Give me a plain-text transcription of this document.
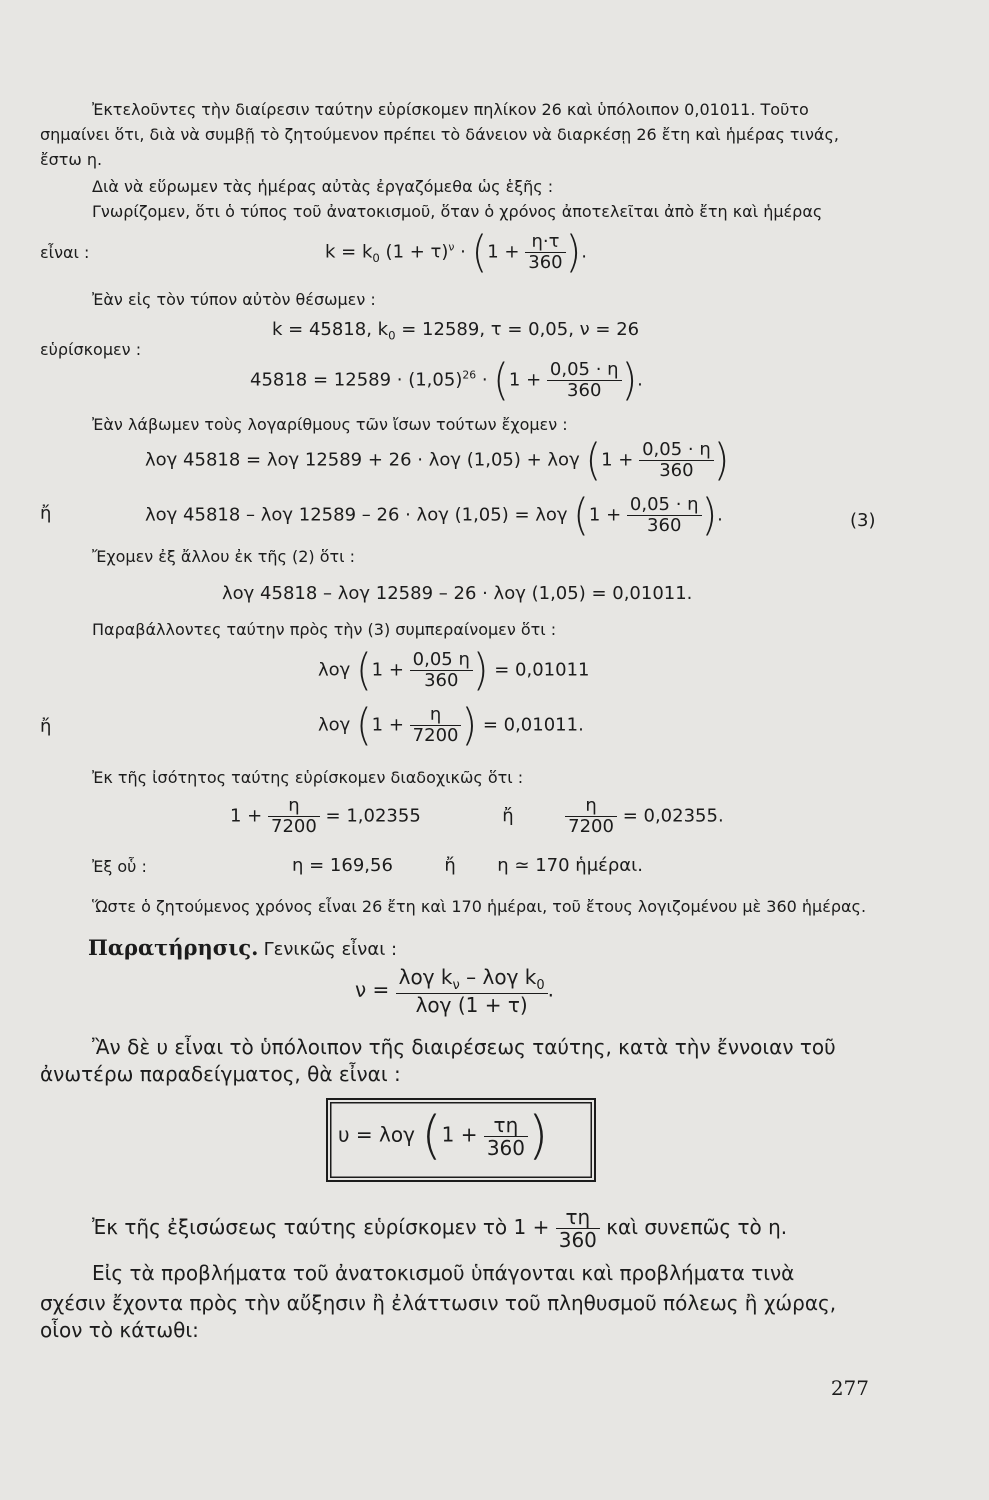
Ἐκτελοῦντες τὴν διαίρεσιν ταύτην εὑρίσκομεν πηλίκον 26 καὶ ὑπόλοιπον 0,01011. Τοῦτο
σημαίνει ὅτι, διὰ νὰ συμβῇ τὸ ζητούμενον πρέπει τὸ δάνειον νὰ διαρκέσῃ 26 ἔτη καὶ ἡμέρας τινάς,
ἔστω η.
Διὰ νὰ εὕρωμεν τὰς ἡμέρας αὐτὰς ἐργαζόμεθα ὡς ἑξῆς :
Γνωρίζομεν, ὅτι ὁ τύπος τοῦ ἀνατοκισμοῦ, ὅταν ὁ χρόνος ἀποτελεῖται ἀπὸ ἔτη καὶ ἡμέρας
εἶναι :	$k = k_0$ $(1 + \tau)^\nu \cdot (1 + \frac{\eta\cdot\tau}{360}$ ).
Ἐὰν εἰς τὸν τύπον αὐτὸν θέσωμεν :
k = 45818, $k_0 = 12589$, τ = 0,05, ν = 26
εὑρίσκομεν :
$45818 = 12589 \cdot (1,05)^{26} \cdot (1 + \frac{0,05 \cdot \eta}{360}$ ).
Ἐὰν λάβωμεν τοὺς λογαρίθμους τῶν ἴσων τούτων ἔχομεν :
λογ 45818 = λογ 12589 + 26 · λογ (1,05) + λογ ($1 + \frac{0,05 \cdot \eta}{360}$ )
ἤ	λογ 45818 – λογ 12589 – 26 · λογ (1,05) = λογ ($1 + \frac{0,05 \cdot \eta}{360}$ ).	(3)
Ἔχομεν ἐξ ἄλλου ἐκ τῆς (2) ὅτι :
λογ 45818 – λογ 12589 – 26 · λογ (1,05) = 0,01011.
Παραβάλλοντες ταύτην πρὸς τὴν (3) συμπεραίνομεν ὅτι :
λογ ($1 + \frac{0,05 \eta}{360}$ ) = 0,01011
ἤ	λογ ($1 + \frac{\eta}{7200}$ ) = 0,01011.
Ἐκ τῆς ἰσότητος ταύτης εὑρίσκομεν διαδοχικῶς ὅτι :
$1 + \frac{\eta}{7200} = 1,02355$	ἤ	$\frac{\eta}{7200} = 0,02355$.
Ἐξ οὗ :	η = 169,56	ἤ η ≃ 170 ἡμέραι.
Ὥστε ὁ ζητούμενος χρόνος εἶναι 26 ἔτη καὶ 170 ἡμέραι, τοῦ ἔτους λογιζομένου μὲ 360 ἡμέρας.
Παρατήρησις. Γενικῶς εἶναι :
$\nu = \frac{\lambda o\gamma k_\nu - \lambda o\gamma k_0}{\text{λογ (1 + τ)}}$ .
Ἂν δὲ υ εἶναι τὸ ὑπόλοιπον τῆς διαιρέσεως ταύτης, κατὰ τὴν ἔννοιαν τοῦ
ἀνωτέρω παραδείγματος, θὰ εἶναι :
υ = λογ ($1 + \frac{\tau\eta}{360}$ )
Ἐκ τῆς ἐξισώσεως ταύτης εὑρίσκομεν τὸ $1 + \frac{\tau\eta}{360}$ καὶ συνεπῶς τὸ η.
Εἰς τὰ προβλήματα τοῦ ἀνατοκισμοῦ ὑπάγονται καὶ προβλήματα τινὰ
σχέσιν ἔχοντα πρὸς τὴν αὔξησιν ἢ ἐλάττωσιν τοῦ πληθυσμοῦ πόλεως ἢ χώρας,
οἷον τὸ κάτωθι:
277
